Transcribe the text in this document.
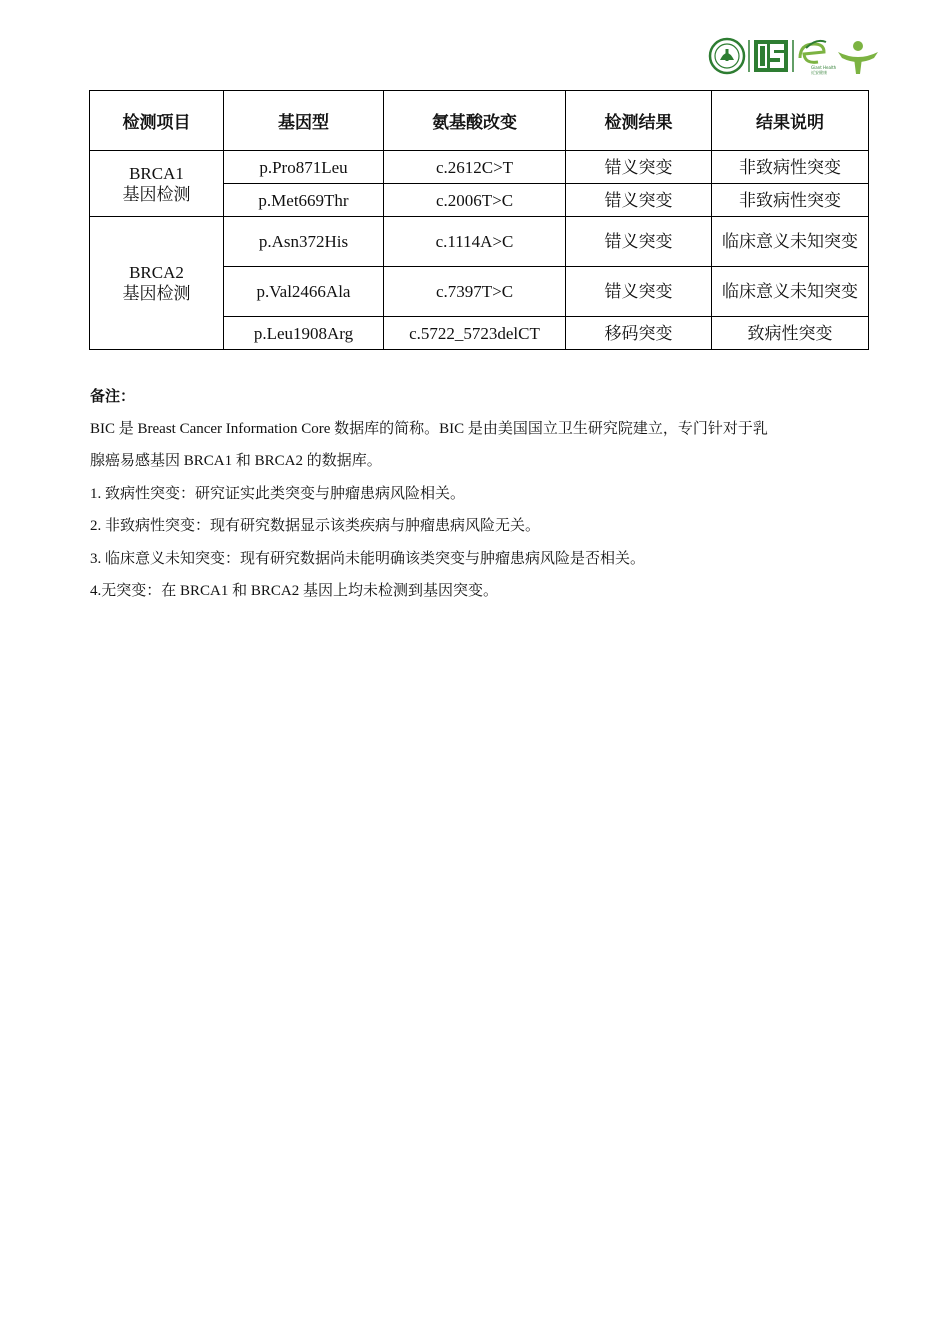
Giant Health
近安健康
检测项目	基因型	氨基酸改变	检测结果	结果说明

BRCA1
基因检测	p.Pro871Leu	c.2612C>T	错义突变	非致病性突变
	p.Met669Thr	c.2006T>C	错义突变	非致病性突变

BRCA2
基因检测	p.Asn372His	c.1114A>C	错义突变	临床意义未知突变
	p.Val2466Ala	c.7397T>C	错义突变	临床意义未知突变
	p.Leu1908Arg	c.5722_5723delCT	移码突变	致病性突变

备注：

BIC 是 Breast Cancer Information Core 数据库的简称。BIC 是由美国国立卫生研究院建立，专门针对于乳

腺癌易感基因 BRCA1 和 BRCA2 的数据库。

1. 致病性突变：研究证实此类突变与肿瘤患病风险相关。

2. 非致病性突变：现有研究数据显示该类疾病与肿瘤患病风险无关。

3. 临床意义未知突变：现有研究数据尚未能明确该类突变与肿瘤患病风险是否相关。

4.无突变：在 BRCA1 和 BRCA2 基因上均未检测到基因突变。
